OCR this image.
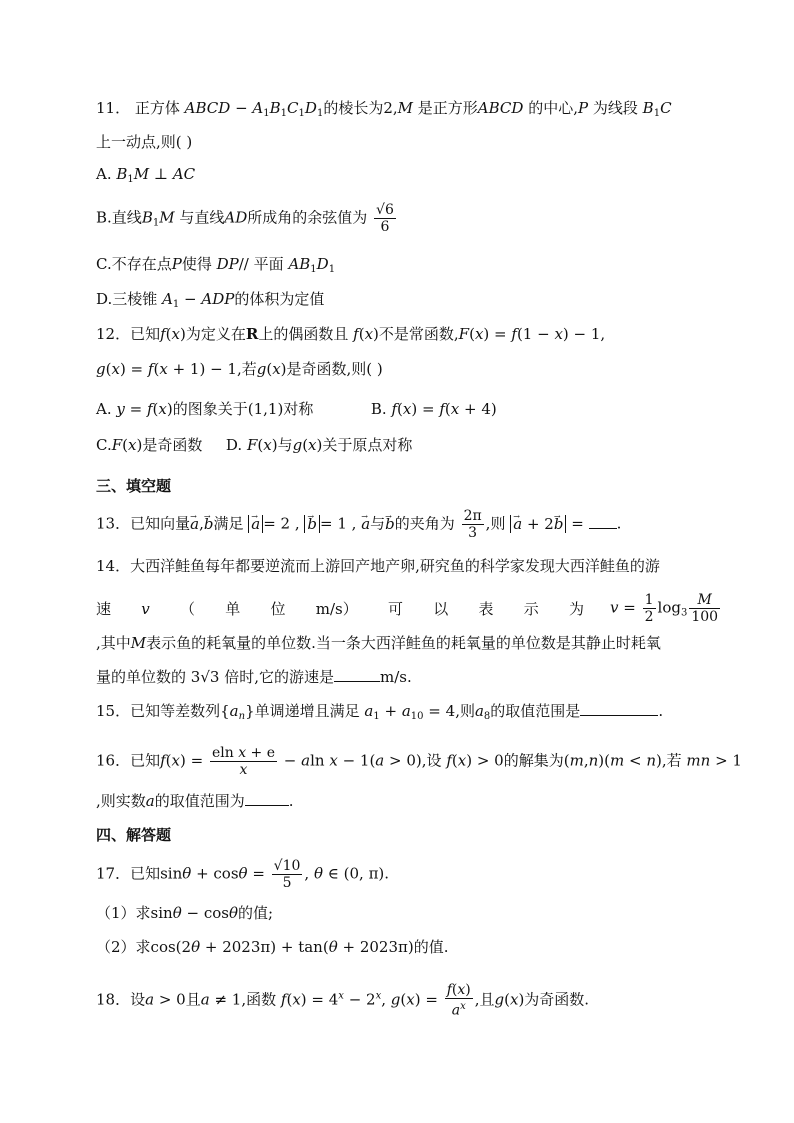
11． 正方体 ABCD − $A_1B_1C_1D_1$的棱长为2,M 是正方形ABCD 的中心,P 为线段 $B_1C$
上一动点,则( )
A. $B_1M$ ⊥ AC
B.直线$B_1M$ 与直线AD所成角的余弦值为 $\frac{√6}{6}$
C.不存在点P使得 DP// 平面 $AB_1D_1$
D.三棱锥 $A_1$ − ADP的体积为定值
12．已知f(x)为定义在R上的偶函数且 f(x)不是常函数,F(x) = f(1 − x) − 1,
g(x) = f(x + 1) − 1,若g(x)是奇函数,则( )
A. y = f(x)的图象关于(1,1)对称	B. f(x) = f(x + 4)
C.F(x)是奇函数 D. F(x)与g(x)关于原点对称
三、填空题
13．已知向量→ a,→ b满足 → a = 2 , → b = 1 , → a与→ b的夹角为 $\frac{2\pi}{3}$ ,则 → a + 2→ b = .
14．大西洋鲑鱼每年都要逆流而上游回产地产卵,研究鱼的科学家发现大西洋鲑鱼的游
速 v （ 单 位 m/s） 可 以 表 示 为 $v = \frac{1}{2} \log_3 \frac{M}{100}$
,其中M表示鱼的耗氧量的单位数.当一条大西洋鲑鱼的耗氧量的单位数是其静止时耗氧
量的单位数的 3√3 倍时,它的游速是	m/s.
15．已知等差数列$\{a_n\}$单调递增且满足 $a_1 + a_{10} = 4$,则$a_8$的取值范围是	.
16．已知$f(x) = \frac{\text{eln x + e}}{x} - aln$ x − 1(a > 0),设 f(x) > 0的解集为(m,n)(m < n),若 mn > 1
,则实数a的取值范围为	.
四、解答题
17．已知$\sin\theta + \cos\theta = \frac{√10}{5}$ , θ ∈ (0, π).
（1）求sinθ − cosθ的值;
（2）求cos(2θ + 2023π) + tan(θ + 2023π)的值.
18．设a > 0且a ≠ 1,函数 $f(x) = 4^x - 2^x$, $g(x) = \frac{f(x)}{a^x}$ ,且g(x)为奇函数.
